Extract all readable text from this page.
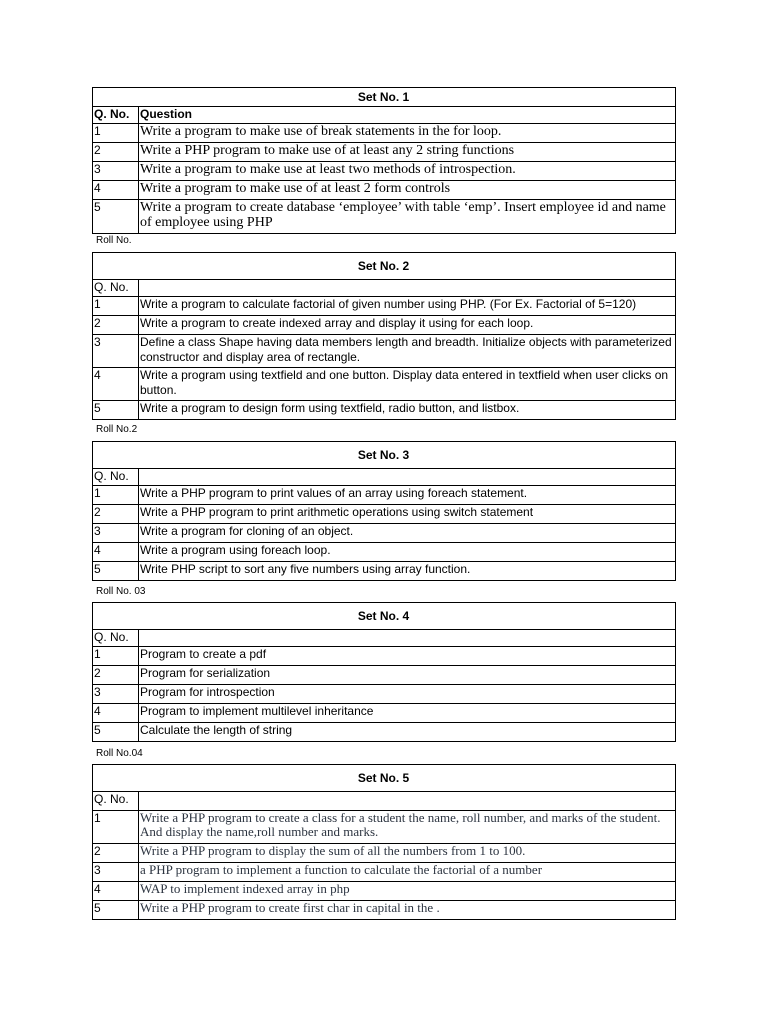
Set No. 1	
Q. No.	Question
1	Write a program to make use of break statements in the for loop.
2	Write a PHP program to make use of at least any 2 string functions
3	Write a program to make use at least two methods of introspection.
4	Write a program to make use of at least 2 form controls
5	Write a program to create database ‘employee’ with table ‘emp’. Insert employee id and name of employee using PHP
Roll No.
Set No. 2	
Q. No.	
1	Write a program to calculate factorial of given number using PHP. (For Ex. Factorial of 5=120)
2	Write a program to create indexed array and display it using for each loop.
3	Define a class Shape having data members length and breadth. Initialize objects with parameterized constructor and display area of rectangle.
4	Write a program using textfield and one button. Display data entered in textfield when user clicks on button.
5	Write a program to design form using textfield, radio button, and listbox.
Roll No.2
Set No. 3	
Q. No.	
1	Write a PHP program to print values of an array using foreach statement.
2	Write a PHP program to print arithmetic operations using switch statement
3	Write a program for cloning of an object.
4	Write a program using foreach loop.
5	Write PHP script to sort any five numbers using array function.
Roll No. 03
Set No. 4	
Q. No.	
1	Program to create a pdf
2	Program for serialization
3	Program for introspection
4	Program to implement multilevel inheritance
5	Calculate the length of string
Roll No.04
Set No. 5	
Q. No.	
1	Write a PHP program to create a class for a student the name, roll number, and marks of the student. And display the name,roll number and marks.
2	Write a PHP program to display the sum of all the numbers from 1 to 100.
3	a PHP program to implement a function to calculate the factorial of a number
4	WAP to implement indexed array in php
5	Write a PHP program to create first char in capital in the .
